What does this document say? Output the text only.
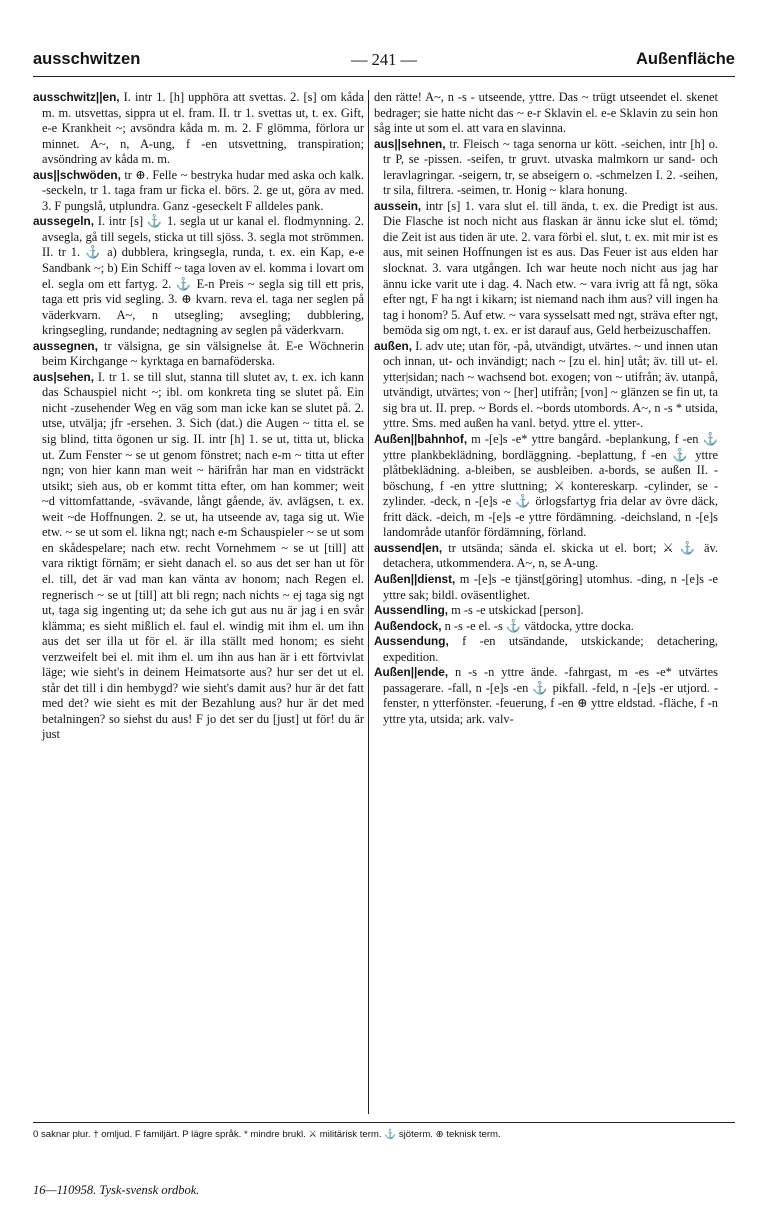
ausschwitzen	— 241 —	Außenfläche

ausschwitz||en, I. intr 1. [h] upphöra att svettas. 2. [s] om kåda m. m. utsvettas, sippra ut el. fram. II. tr 1. svettas ut, t. ex. Gift, e-e Krankheit ~; avsöndra kåda m. m. 2. F glömma, förlora ur minnet. A~, n, A-ung, f -en utsvettning, transpiration; avsöndring av kåda m. m.

aus||schwöden, tr ⊕. Felle ~ bestryka hudar med aska och kalk. -seckeln, tr 1. taga fram ur ficka el. börs. 2. ge ut, göra av med. 3. F pungslå, utplundra. Ganz -geseckelt F alldeles pank.

aussegeln, I. intr [s] ⚓ 1. segla ut ur kanal el. flodmynning. 2. avsegla, gå till segels, sticka ut till sjöss. 3. segla mot strömmen. II. tr 1. ⚓ a) dubblera, kringsegla, runda, t. ex. ein Kap, e-e Sandbank ~; b) Ein Schiff ~ taga loven av el. komma i lovart om el. segla om ett fartyg. 2. ⚓ E-n Preis ~ segla sig till ett pris, taga ett pris vid segling. 3. ⊕ kvarn. reva el. taga ner seglen på väderkvarn. A~, n utsegling; avsegling; dubblering, kringsegling, rundande; nedtagning av seglen på väderkvarn.

aussegnen, tr välsigna, ge sin välsignelse åt. E-e Wöchnerin beim Kirchgange ~ kyrktaga en barnaföderska.

aus|sehen, I. tr 1. se till slut, stanna till slutet av, t. ex. ich kann das Schauspiel nicht ~; ibl. om konkreta ting se slutet på. Ein nicht -zusehender Weg en väg som man icke kan se slutet på. 2. utse, utvälja; jfr -ersehen. 3. Sich (dat.) die Augen ~ titta el. se sig blind, titta ögonen ur sig. II. intr [h] 1. se ut, titta ut, blicka ut. Zum Fenster ~ se ut genom fönstret; nach e-m ~ titta ut efter ngn; von hier kann man weit ~ härifrån har man en vidsträckt utsikt; sieh aus, ob er kommt titta efter, om han kommer; weit ~d vittomfattande, -svävande, långt gående, äv. avlägsen, t. ex. weit ~de Hoffnungen. 2. se ut, ha utseende av, taga sig ut. Wie etw. ~ se ut som el. likna ngt; nach e-m Schauspieler ~ se ut som en skådespelare; nach etw. recht Vornehmem ~ se ut [till] att vara riktigt förnäm; er sieht danach el. so aus det ser han ut för el. till, det är vad man kan vänta av honom; nach Regen el. regnerisch ~ se ut [till] att bli regn; nach nichts ~ ej taga sig ngt ut, taga sig ingenting ut; da sehe ich gut aus nu är jag i en svår klämma; es sieht mißlich el. faul el. windig mit ihm el. um ihn aus det ser illa ut för el. är illa ställt med honom; es sieht verzweifelt bei el. mit ihm el. um ihn aus han är i ett förtvivlat läge; wie sieht's in deinem Heimatsorte aus? hur ser det ut el. står det till i din hembygd? wie sieht's damit aus? hur är det fatt med det? wie sieht es mit der Bezahlung aus? hur är det med betalningen? so siehst du aus! F jo det ser du [just] ut för! du är just

den rätte! A~, n -s - utseende, yttre. Das ~ trügt utseendet el. skenet bedrager; sie hatte nicht das ~ e-r Sklavin el. e-e Sklavin zu sein hon såg inte ut som el. att vara en slavinna.

aus||sehnen, tr. Fleisch ~ taga senorna ur kött. -seichen, intr [h] o. tr P, se -pissen. -seifen, tr gruvt. utvaska malmkorn ur sand- och leravlagringar. -seigern, tr, se abseigern o. -schmelzen I. 2. -seihen, tr sila, filtrera. -seimen, tr. Honig ~ klara honung.

aussein, intr [s] 1. vara slut el. till ända, t. ex. die Predigt ist aus. Die Flasche ist noch nicht aus flaskan är ännu icke slut el. tömd; die Zeit ist aus tiden är ute. 2. vara förbi el. slut, t. ex. mit mir ist es aus, mit seinen Hoffnungen ist es aus. Das Feuer ist aus elden har slocknat. 3. vara utgången. Ich war heute noch nicht aus jag har ännu icke varit ute i dag. 4. Nach etw. ~ vara ivrig att få ngt, söka efter ngt, F ha ngt i kikarn; ist niemand nach ihm aus? vill ingen ha tag i honom? 5. Auf etw. ~ vara sysselsatt med ngt, sträva efter ngt, bemöda sig om ngt, t. ex. er ist darauf aus, Geld herbeizuschaffen.

außen, I. adv ute; utan för, -på, utvändigt, utvärtes. ~ und innen utan och innan, ut- och invändigt; nach ~ [zu el. hin] utåt; äv. till ut- el. ytter|sidan; nach ~ wachsend bot. exogen; von ~ utifrån; äv. utanpå, utvändigt, utvärtes; von ~ [her] utifrån; [von] ~ glänzen se fin ut, ta sig bra ut. II. prep. ~ Bords el. ~bords utombords. A~, n -s * utsida, yttre. Sms. med außen ha vanl. betyd. yttre el. ytter-.

Außen||bahnhof, m -[e]s -e* yttre bangård. -beplankung, f -en ⚓ yttre plankbeklädning, bordläggning. -beplattung, f -en ⚓ yttre plåtbeklädning. a-bleiben, se ausbleiben. a-bords, se außen II. -böschung, f -en yttre sluttning; ⚔ kontereskarp. -cylinder, se -zylinder. -deck, n -[e]s -e ⚓ örlogsfartyg fria delar av övre däck, fritt däck. -deich, m -[e]s -e yttre fördämning. -deichsland, n -[e]s landområde utanför fördämning, förland.

aussend|en, tr utsända; sända el. skicka ut el. bort; ⚔ ⚓ äv. detachera, utkommendera. A~, n, se A-ung.

Außen||dienst, m -[e]s -e tjänst[göring] utomhus. -ding, n -[e]s -e yttre sak; bildl. oväsentlighet.

Aussendling, m -s -e utskickad [person].

Außendock, n -s -e el. -s ⚓ vätdocka, yttre docka.

Aussendung, f -en utsändande, utskickande; detachering, expedition.

Außen||ende, n -s -n yttre ände. -fahrgast, m -es -e* utvärtes passagerare. -fall, n -[e]s -en ⚓ pikfall. -feld, n -[e]s -er utjord. -fenster, n ytterfönster. -feuerung, f -en ⊕ yttre eldstad. -fläche, f -n yttre yta, utsida; ark. valv-

0 saknar plur. † omljud. F familjärt. P lägre språk. * mindre brukl. ⚔ militärisk term. ⚓ sjöterm. ⊕ teknisk term.
16—110958. Tysk-svensk ordbok.
